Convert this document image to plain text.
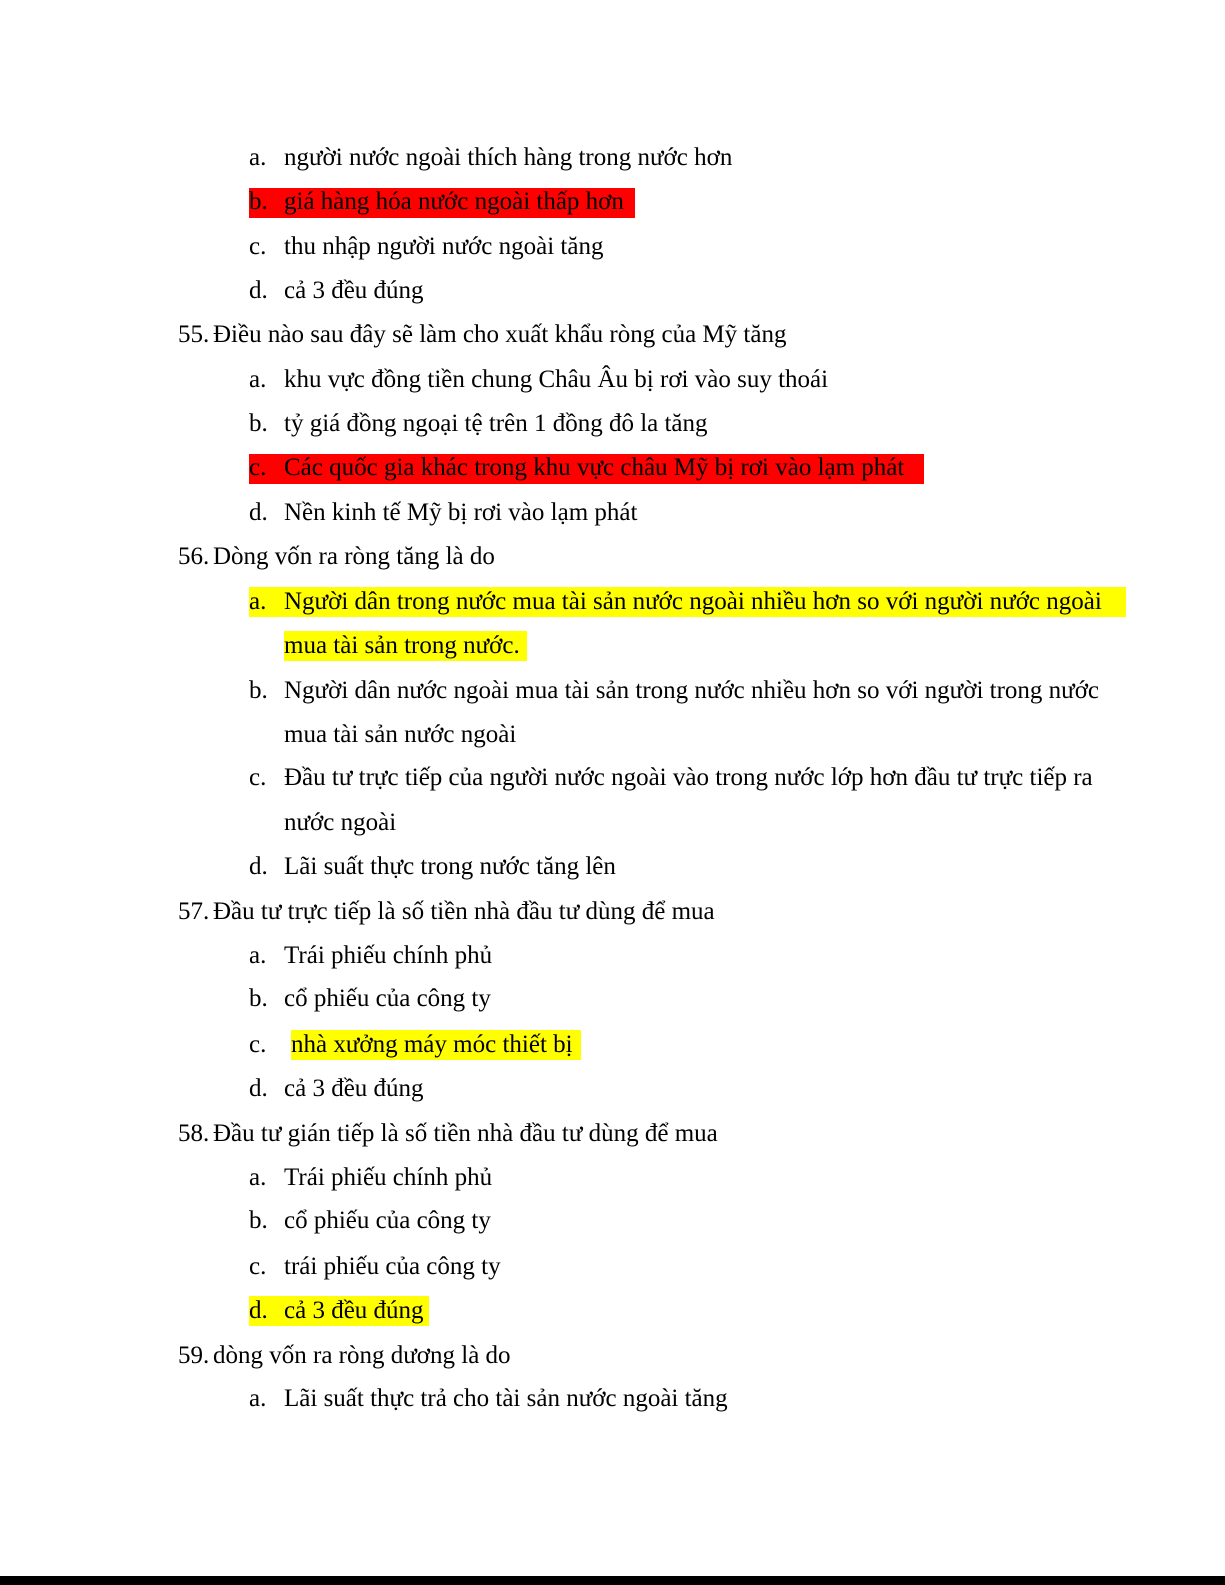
a. người nước ngoài thích hàng trong nước hơn
b. giá hàng hóa nước ngoài thấp hơn
c. thu nhập người nước ngoài tăng
d. cả 3 đều đúng
55. Điều nào sau đây sẽ làm cho xuất khẩu ròng của Mỹ tăng
a. khu vực đồng tiền chung Châu Âu bị rơi vào suy thoái
b. tỷ giá đồng ngoại tệ trên 1 đồng đô la tăng
c. Các quốc gia khác trong khu vực châu Mỹ bị rơi vào lạm phát
d. Nền kinh tế Mỹ bị rơi vào lạm phát
56. Dòng vốn ra ròng tăng là do
a. Người dân trong nước mua tài sản nước ngoài nhiều hơn so với người nước ngoài
mua tài sản trong nước.
b. Người dân nước ngoài mua tài sản trong nước nhiều hơn so với người trong nước
mua tài sản nước ngoài
c. Đầu tư trực tiếp của người nước ngoài vào trong nước lớp hơn đầu tư trực tiếp ra
nước ngoài
d. Lãi suất thực trong nước tăng lên
57. Đầu tư trực tiếp là số tiền nhà đầu tư dùng để mua
a. Trái phiếu chính phủ
b. cổ phiếu của công ty
c. nhà xưởng máy móc thiết bị
d. cả 3 đều đúng
58. Đầu tư gián tiếp là số tiền nhà đầu tư dùng để mua
a. Trái phiếu chính phủ
b. cổ phiếu của công ty
c. trái phiếu của công ty
d. cả 3 đều đúng
59. dòng vốn ra ròng dương là do
a. Lãi suất thực trả cho tài sản nước ngoài tăng
